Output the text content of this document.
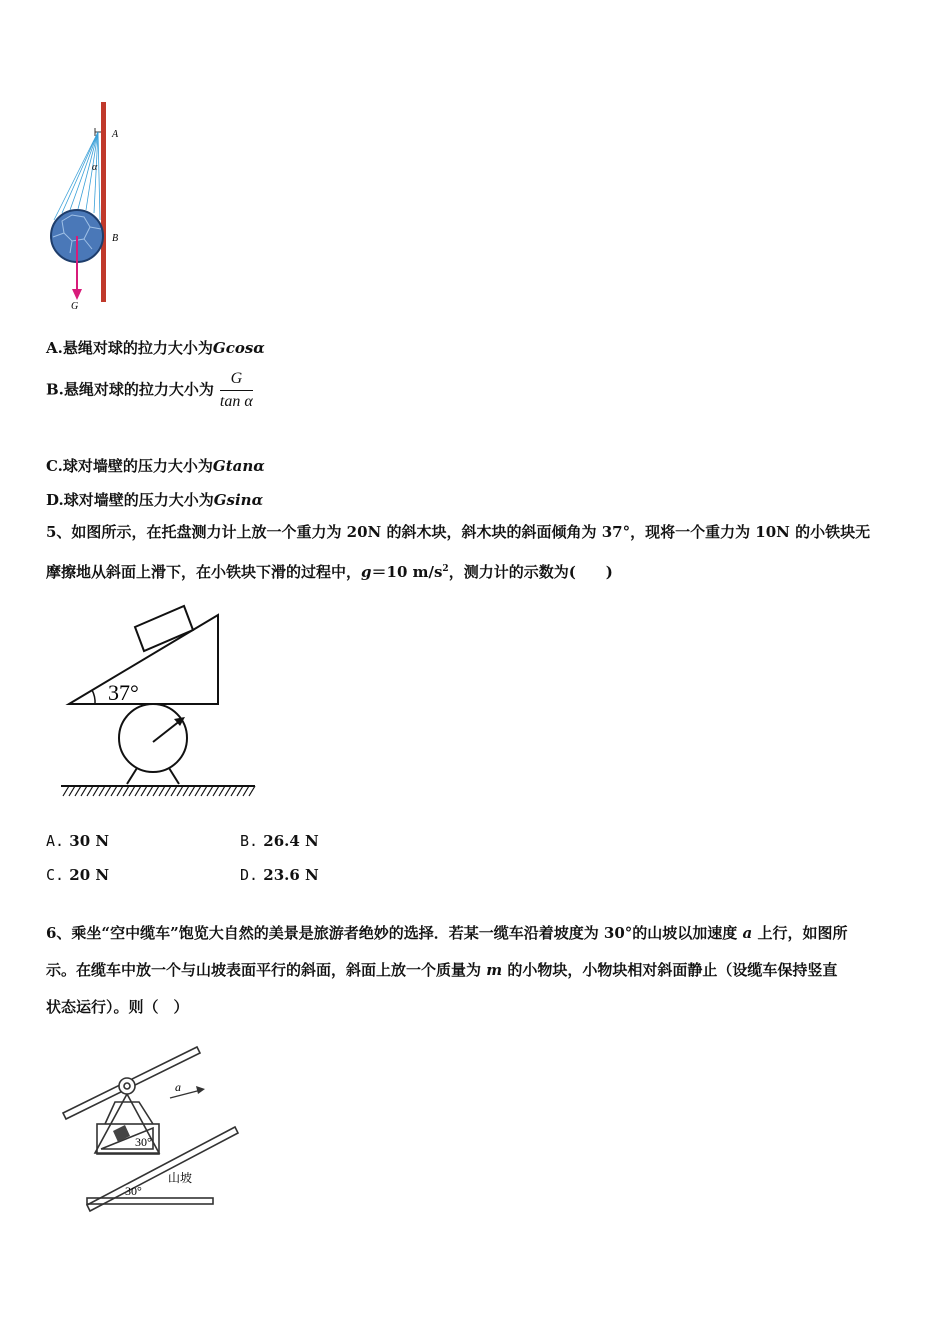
A
α
B
G
A.悬绳对球的拉力大小为Gcosα
B.悬绳对球的拉力大小为 $\frac{G}{\text{tan α}}$
C.球对墙壁的压力大小为Gtanα
D.球对墙壁的压力大小为Gsinα
5、如图所示，在托盘测力计上放一个重力为 20N 的斜木块，斜木块的斜面倾角为 37°，现将一个重力为 10N 的小铁块无
摩擦地从斜面上滑下，在小铁块下滑的过程中，g＝10 $m/s^2$，测力计的示数为(　　)
37°
A. 30 N	B. 26.4 N
C. 20 N	D. 23.6 N
6、乘坐“空中缆车”饱览大自然的美景是旅游者绝妙的选择．若某一缆车沿着坡度为 30°的山坡以加速度 a 上行，如图所
示。在缆车中放一个与山坡表面平行的斜面，斜面上放一个质量为 m 的小物块，小物块相对斜面静止（设缆车保持竖直
状态运行）。则（　）
a
30°
山坡
30°
